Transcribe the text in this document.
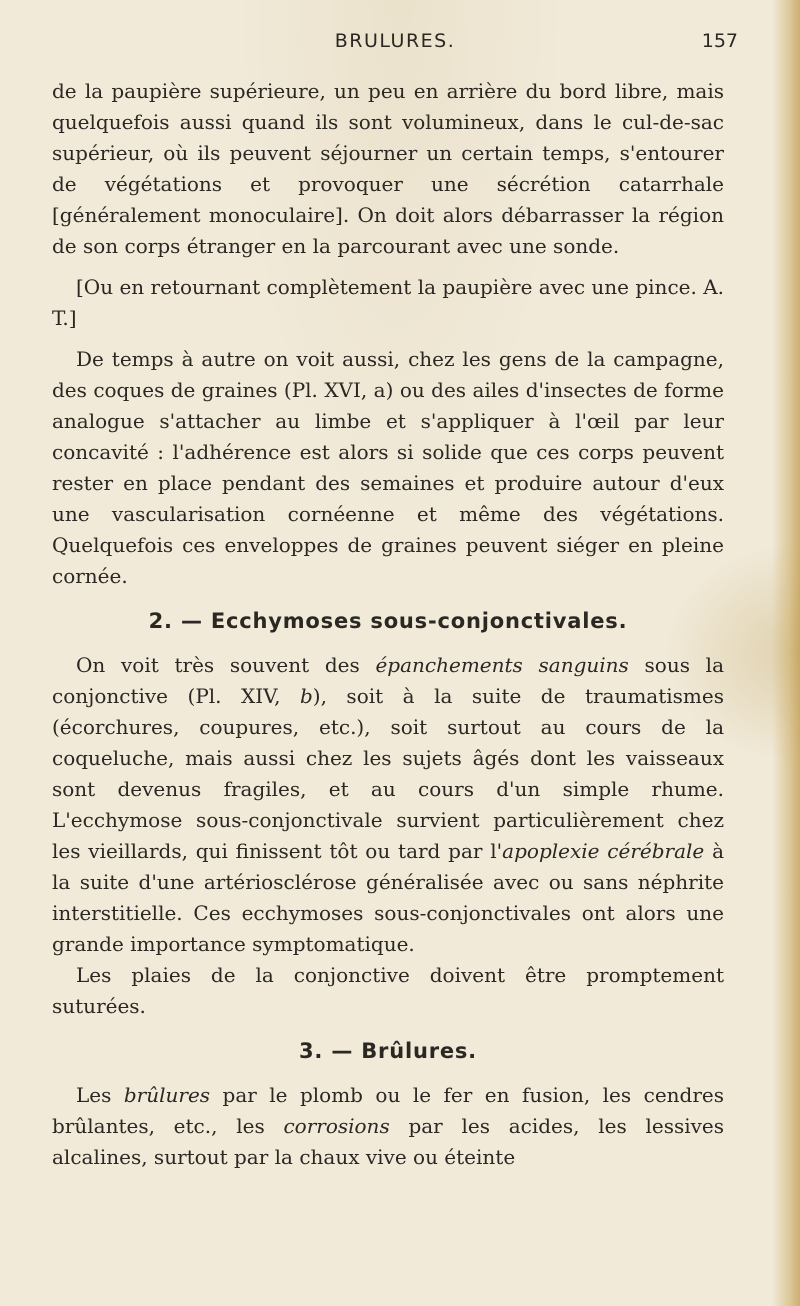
BRULURES.	157

de la paupière supérieure, un peu en arrière du bord libre, mais quelquefois aussi quand ils sont volumineux, dans le cul-de-sac supérieur, où ils peuvent séjourner un certain temps, s'entourer de végétations et provoquer une sécrétion catarrhale [généralement monoculaire]. On doit alors débarrasser la région de son corps étranger en la parcourant avec une sonde.

[Ou en retournant complètement la paupière avec une pince. A. T.]

De temps à autre on voit aussi, chez les gens de la campagne, des coques de graines (Pl. XVI, a) ou des ailes d'insectes de forme analogue s'attacher au limbe et s'appliquer à l'œil par leur concavité : l'adhérence est alors si solide que ces corps peuvent rester en place pendant des semaines et produire autour d'eux une vascularisation cornéenne et même des végétations. Quelquefois ces enveloppes de graines peuvent siéger en pleine cornée.

2. — Ecchymoses sous-conjonctivales.

On voit très souvent des épanchements sanguins sous la conjonctive (Pl. XIV, b), soit à la suite de traumatismes (écorchures, coupures, etc.), soit surtout au cours de la coqueluche, mais aussi chez les sujets âgés dont les vaisseaux sont devenus fragiles, et au cours d'un simple rhume. L'ecchymose sous-conjonctivale survient particulièrement chez les vieillards, qui finissent tôt ou tard par l'apoplexie cérébrale à la suite d'une artériosclérose généralisée avec ou sans néphrite interstitielle. Ces ecchymoses sous-conjonctivales ont alors une grande importance symptomatique.

Les plaies de la conjonctive doivent être promptement suturées.

3. — Brûlures.

Les brûlures par le plomb ou le fer en fusion, les cendres brûlantes, etc., les corrosions par les acides, les lessives alcalines, surtout par la chaux vive ou éteinte
